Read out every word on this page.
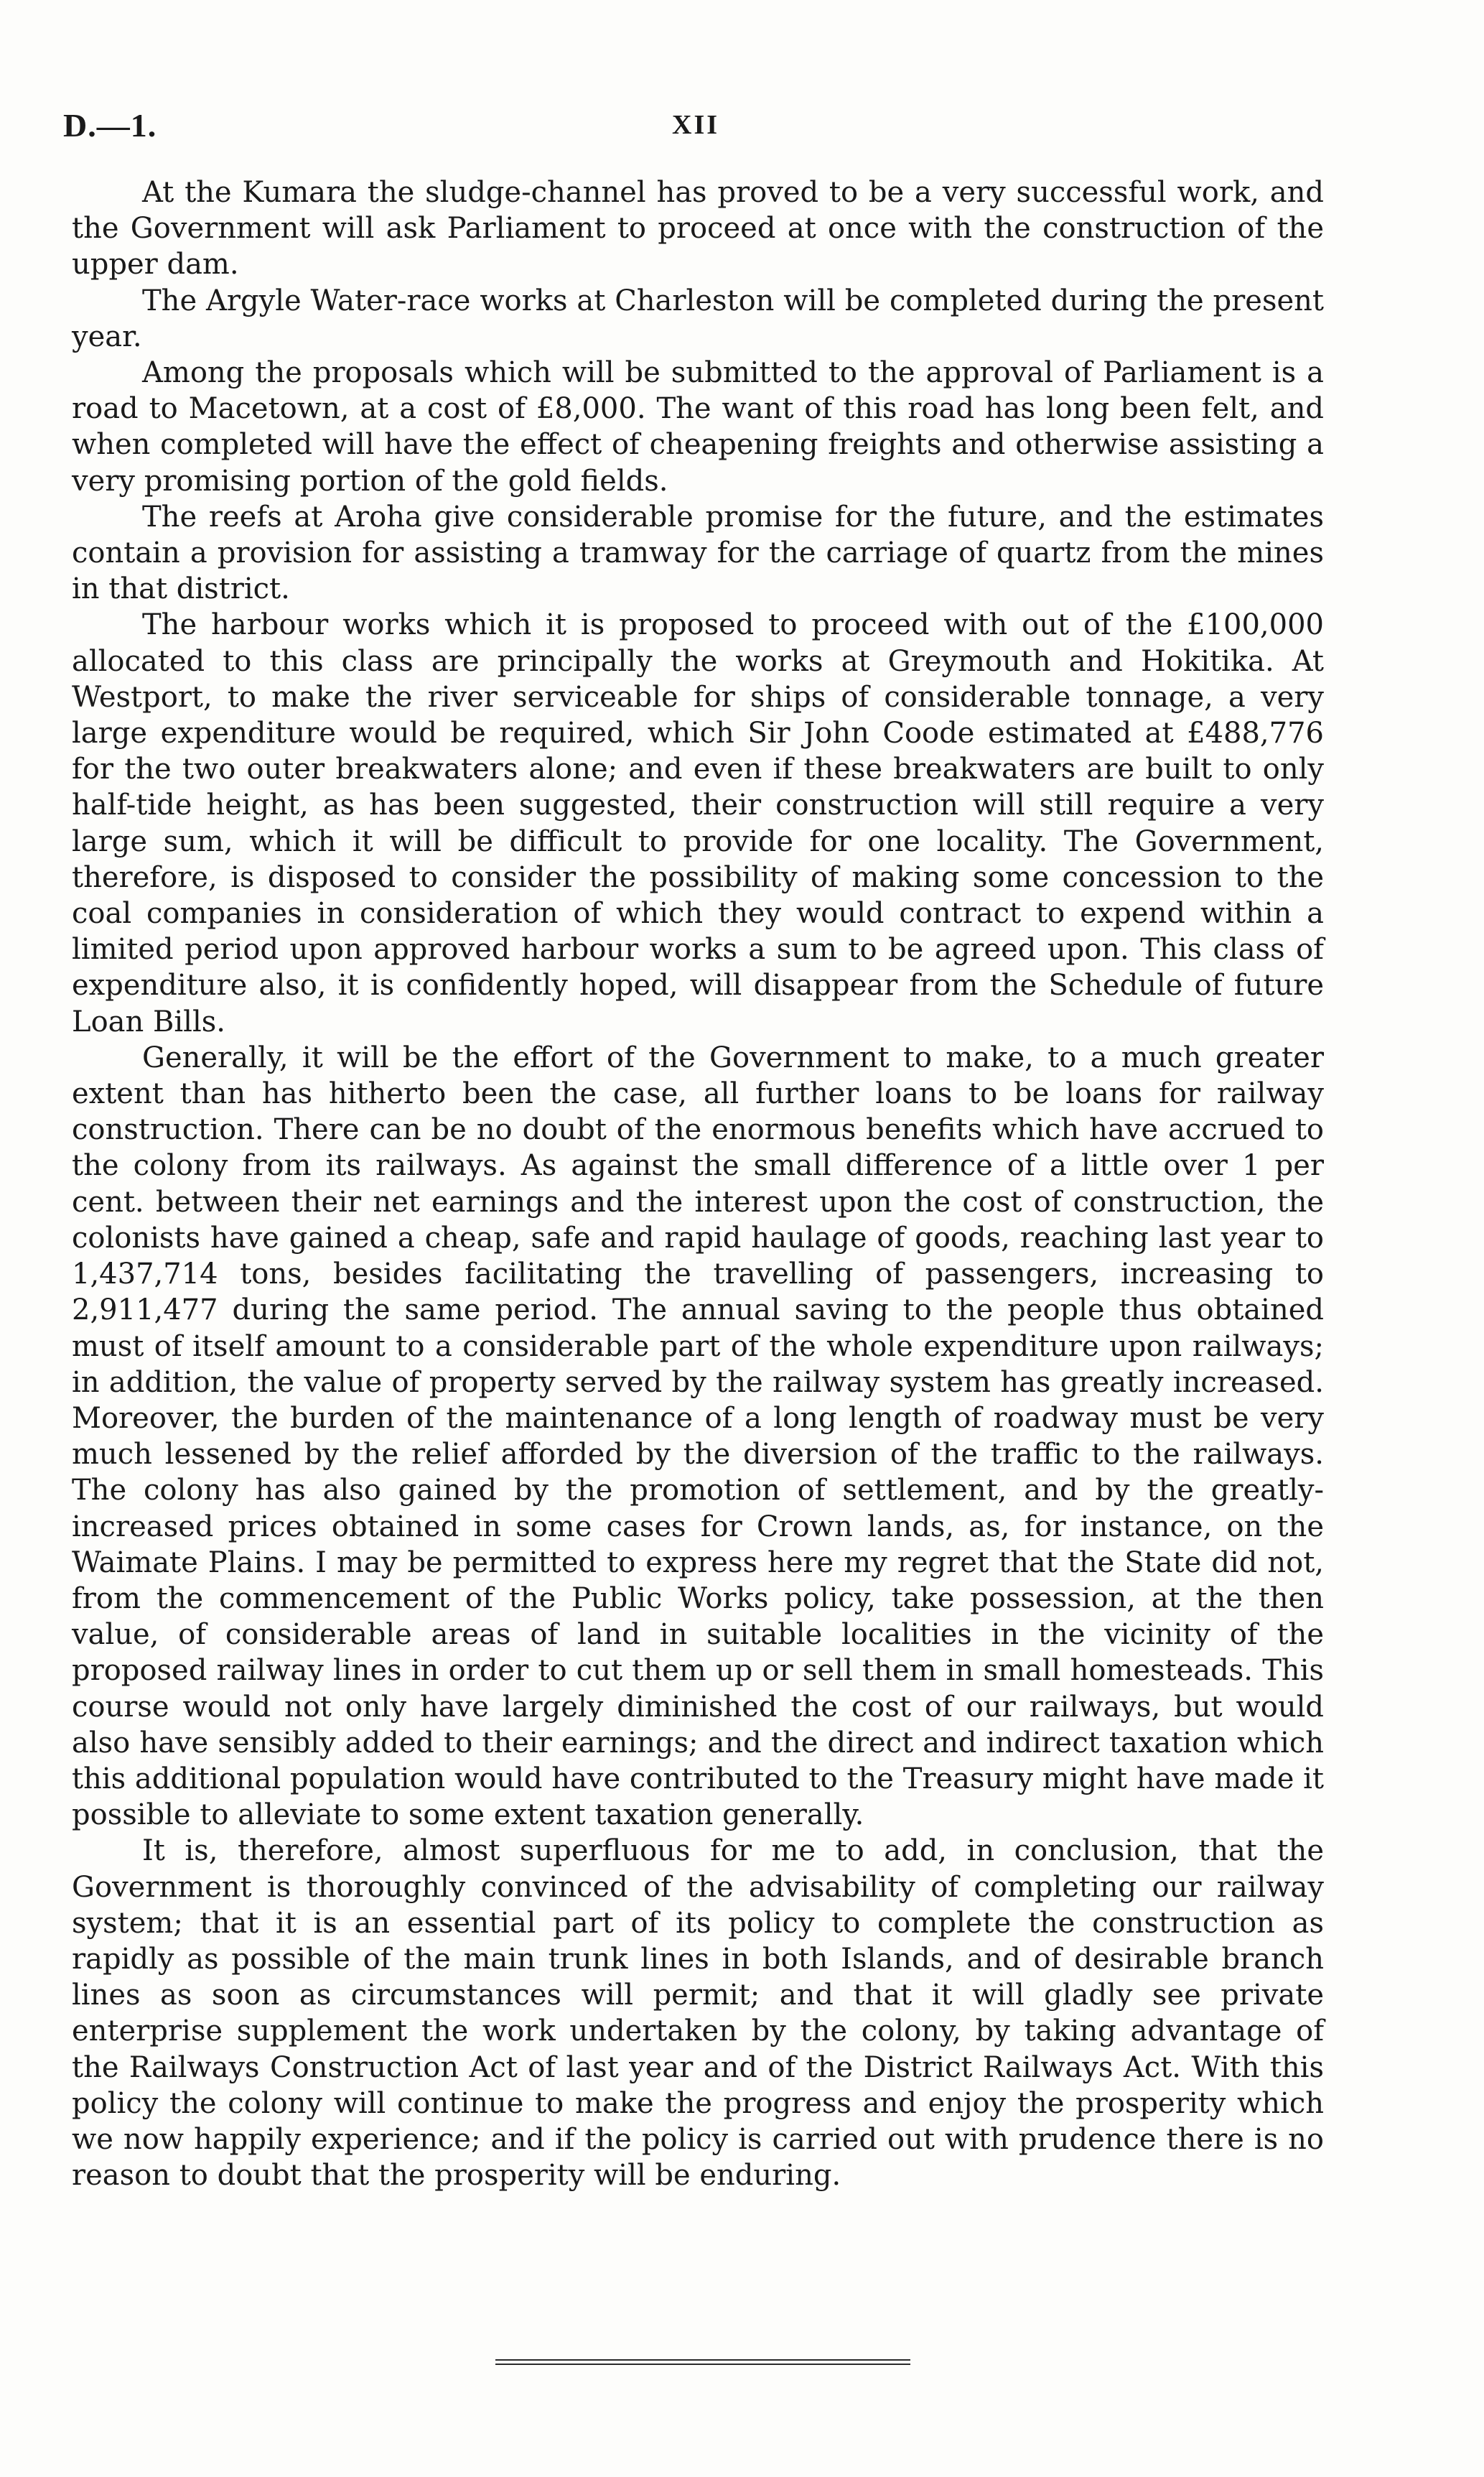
D.—1.	XII

At the Kumara the sludge-channel has proved to be a very successful work, and the Government will ask Parliament to proceed at once with the construction of the upper dam.

The Argyle Water-race works at Charleston will be completed during the present year.

Among the proposals which will be submitted to the approval of Parliament is a road to Macetown, at a cost of £8,000. The want of this road has long been felt, and when completed will have the effect of cheapening freights and otherwise assisting a very promising portion of the gold fields.

The reefs at Aroha give considerable promise for the future, and the estimates contain a provision for assisting a tramway for the carriage of quartz from the mines in that district.

The harbour works which it is proposed to proceed with out of the £100,000 allocated to this class are principally the works at Greymouth and Hokitika. At Westport, to make the river serviceable for ships of considerable tonnage, a very large expenditure would be required, which Sir John Coode estimated at £488,776 for the two outer breakwaters alone; and even if these breakwaters are built to only half-tide height, as has been suggested, their construction will still require a very large sum, which it will be difficult to provide for one locality. The Government, therefore, is disposed to consider the possibility of making some concession to the coal companies in consideration of which they would contract to expend within a limited period upon approved harbour works a sum to be agreed upon. This class of expenditure also, it is confidently hoped, will disappear from the Schedule of future Loan Bills.

Generally, it will be the effort of the Government to make, to a much greater extent than has hitherto been the case, all further loans to be loans for railway construction. There can be no doubt of the enormous benefits which have accrued to the colony from its railways. As against the small difference of a little over 1 per cent. between their net earnings and the interest upon the cost of construction, the colonists have gained a cheap, safe and rapid haulage of goods, reaching last year to 1,437,714 tons, besides facilitating the travelling of passengers, increasing to 2,911,477 during the same period. The annual saving to the people thus obtained must of itself amount to a considerable part of the whole expenditure upon railways; in addition, the value of property served by the railway system has greatly increased. Moreover, the burden of the maintenance of a long length of roadway must be very much lessened by the relief afforded by the diversion of the traffic to the railways. The colony has also gained by the promotion of settlement, and by the greatly-increased prices obtained in some cases for Crown lands, as, for instance, on the Waimate Plains. I may be permitted to express here my regret that the State did not, from the commencement of the Public Works policy, take possession, at the then value, of considerable areas of land in suitable localities in the vicinity of the proposed railway lines in order to cut them up or sell them in small homesteads. This course would not only have largely diminished the cost of our railways, but would also have sensibly added to their earnings; and the direct and indirect taxation which this additional population would have contributed to the Treasury might have made it possible to alleviate to some extent taxation generally.

It is, therefore, almost superfluous for me to add, in conclusion, that the Government is thoroughly convinced of the advisability of completing our railway system; that it is an essential part of its policy to complete the construction as rapidly as possible of the main trunk lines in both Islands, and of desirable branch lines as soon as circumstances will permit; and that it will gladly see private enterprise supplement the work undertaken by the colony, by taking advantage of the Railways Construction Act of last year and of the District Railways Act. With this policy the colony will continue to make the progress and enjoy the prosperity which we now happily experience; and if the policy is carried out with prudence there is no reason to doubt that the prosperity will be enduring.
